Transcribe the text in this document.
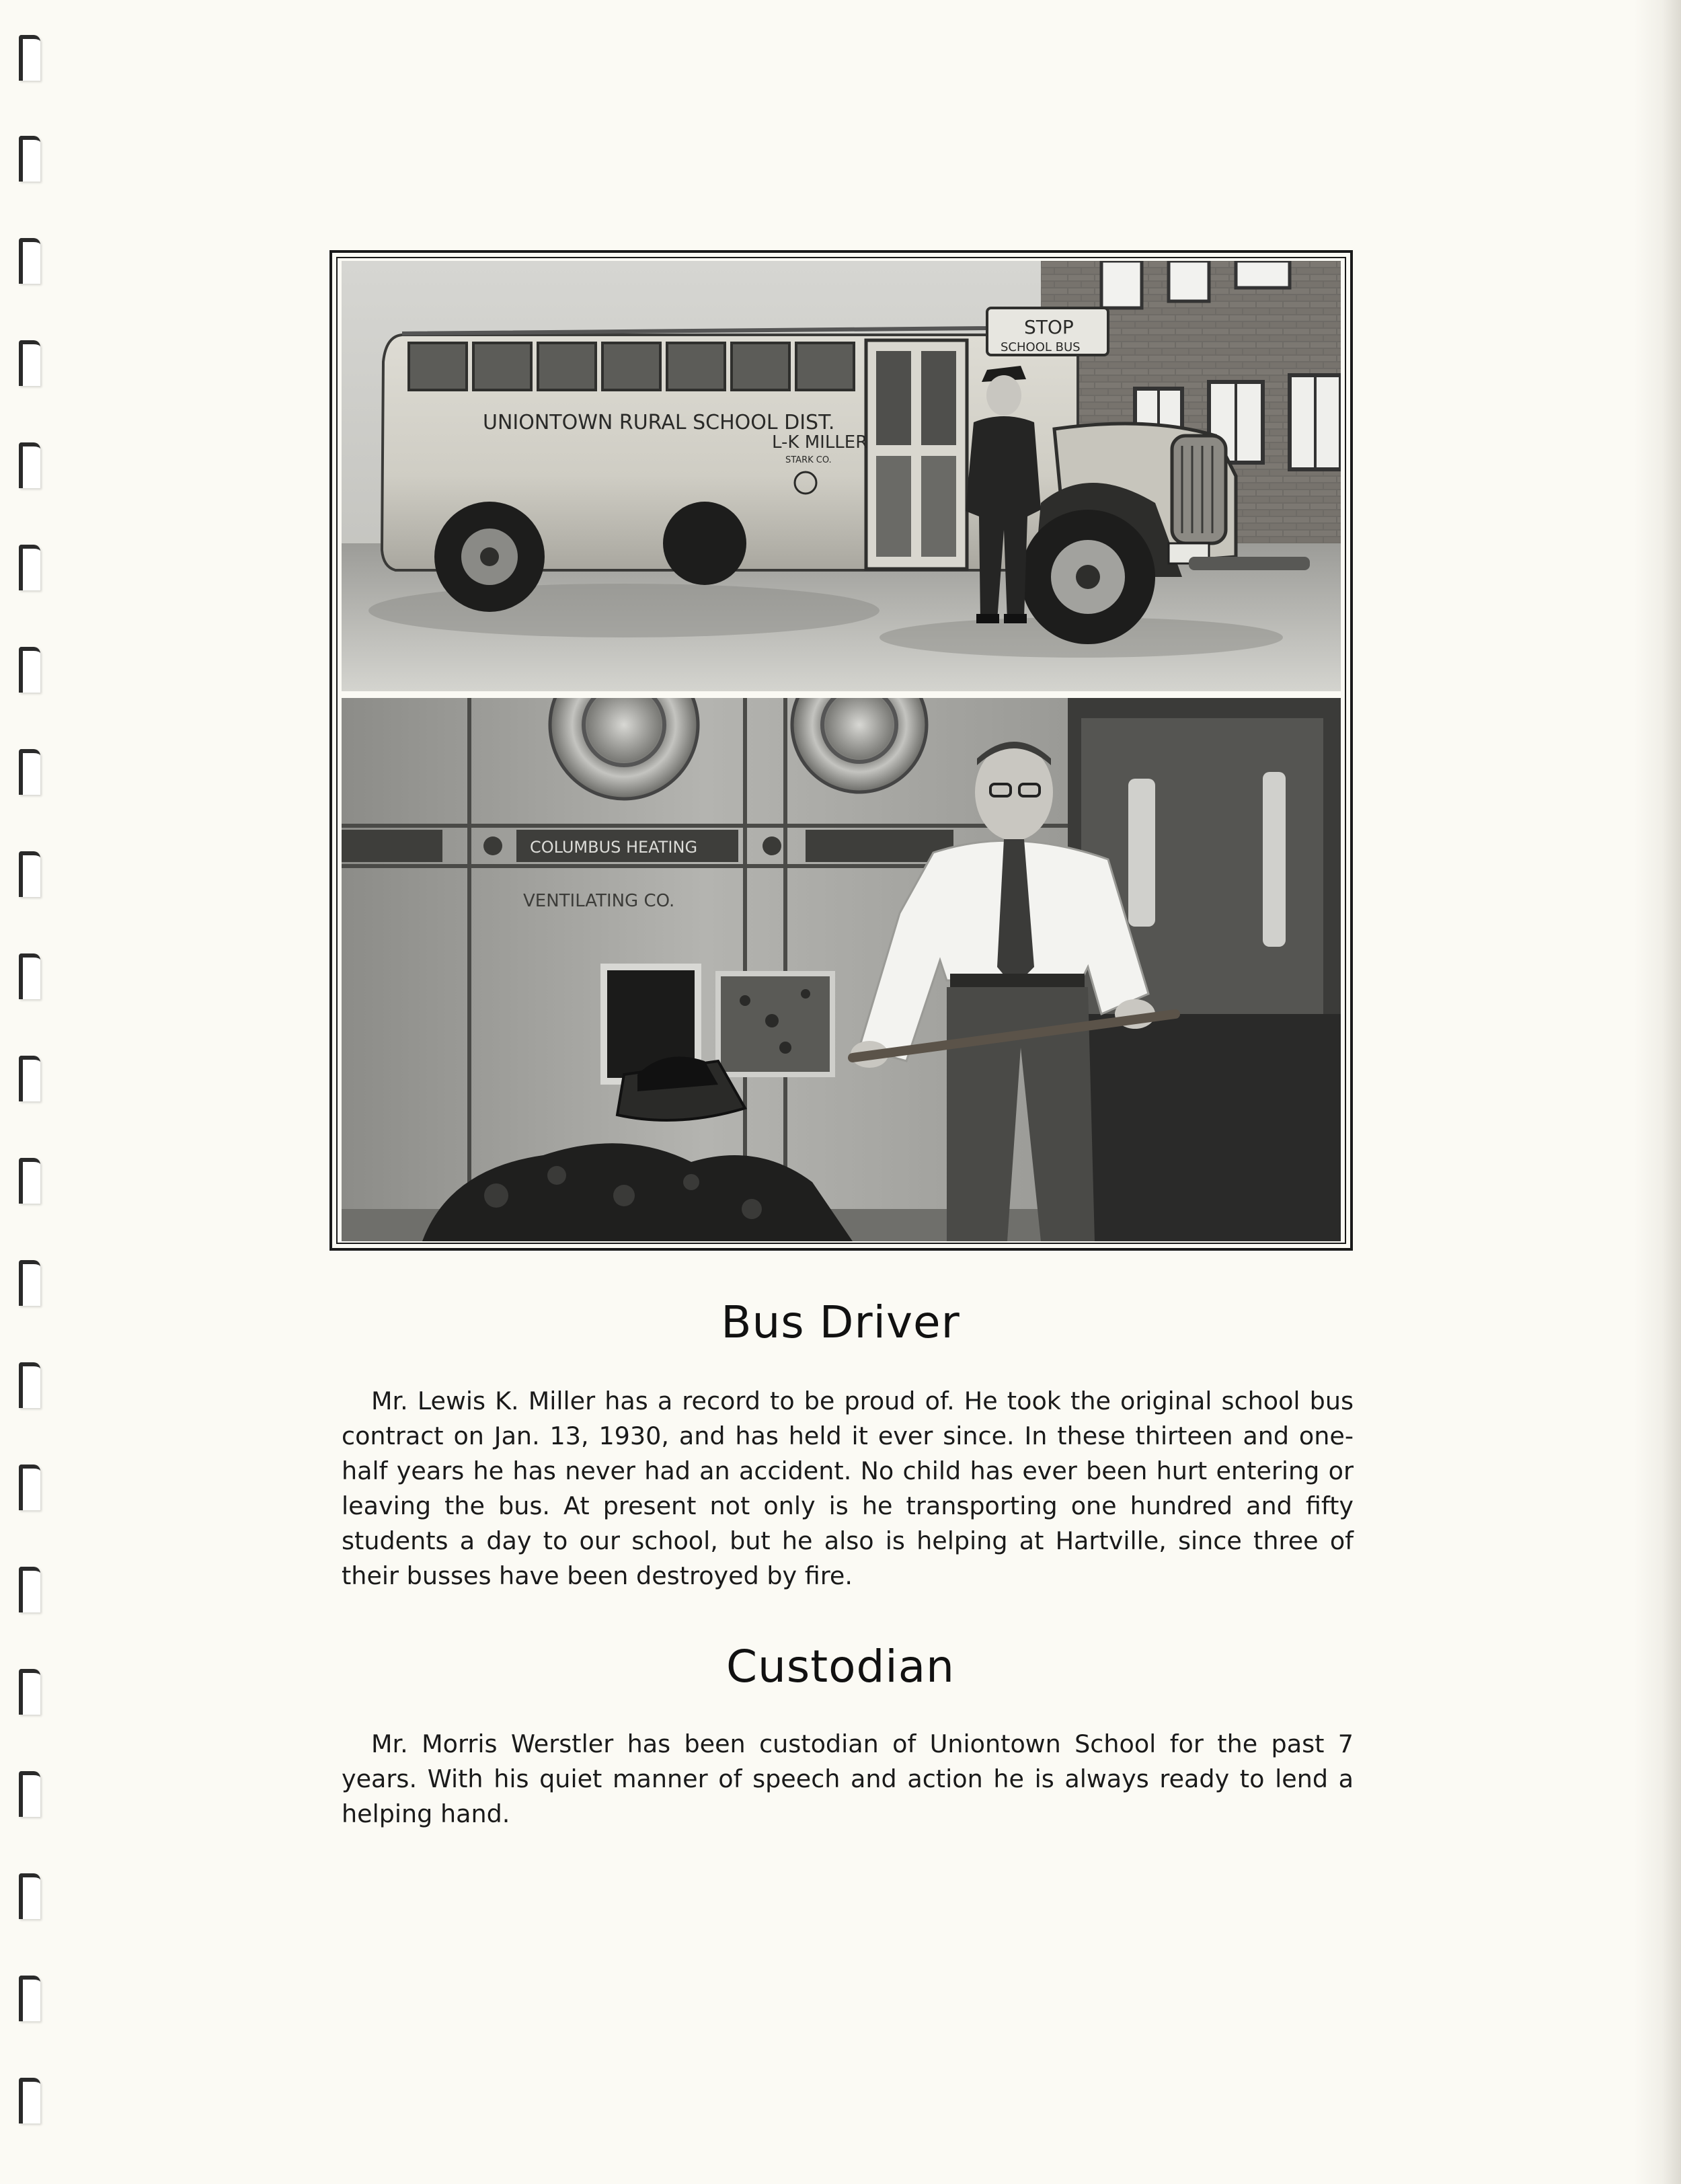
UNIONTOWN RURAL SCHOOL DIST.
L-K MILLER
STARK CO.
STOP
SCHOOL BUS
COLUMBUS HEATING
VENTILATING CO.
Bus Driver

Mr. Lewis K. Miller has a record to be proud of. He took the original school bus contract on Jan. 13, 1930, and has held it ever since. In these thirteen and one-half years he has never had an accident. No child has ever been hurt entering or leaving the bus. At present not only is he transporting one hundred and fifty students a day to our school, but he also is helping at Hartville, since three of their busses have been destroyed by fire.

Custodian

Mr. Morris Werstler has been custodian of Uniontown School for the past 7 years. With his quiet manner of speech and action he is always ready to lend a helping hand.
